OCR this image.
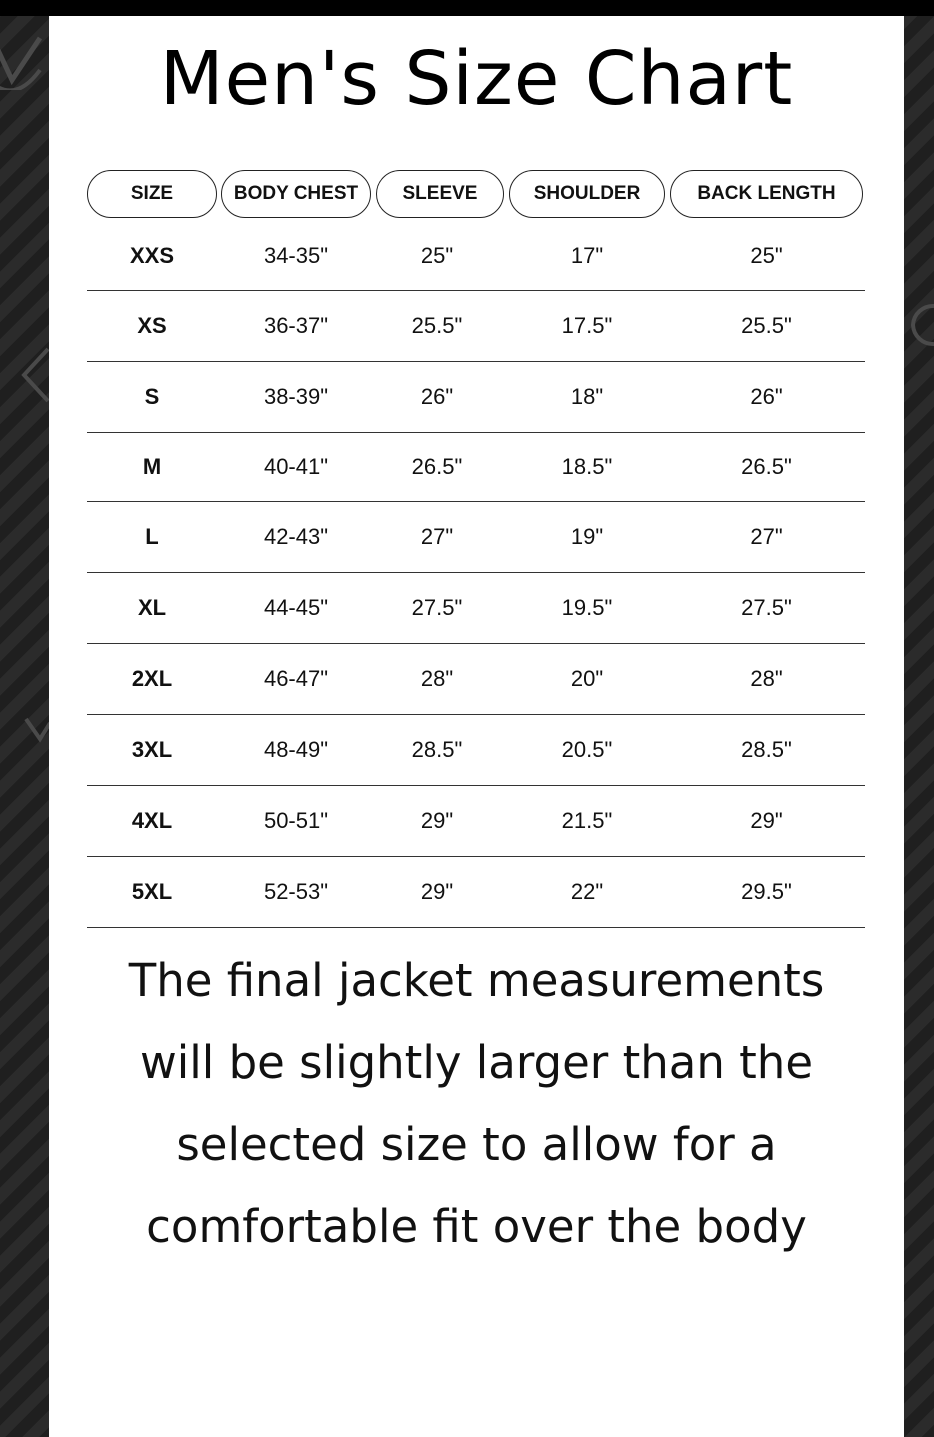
Men's Size Chart
SIZE	BODY CHEST	SLEEVE	SHOULDER	BACK LENGTH
XXS	34-35"	25"	17"	25"
XS	36-37"	25.5"	17.5"	25.5"
S	38-39"	26"	18"	26"
M	40-41"	26.5"	18.5"	26.5"
L	42-43"	27"	19"	27"
XL	44-45"	27.5"	19.5"	27.5"
2XL	46-47"	28"	20"	28"
3XL	48-49"	28.5"	20.5"	28.5"
4XL	50-51"	29"	21.5"	29"
5XL	52-53"	29"	22"	29.5"
The final jacket measurements will be slightly larger than the selected size to allow for a comfortable fit over the body
